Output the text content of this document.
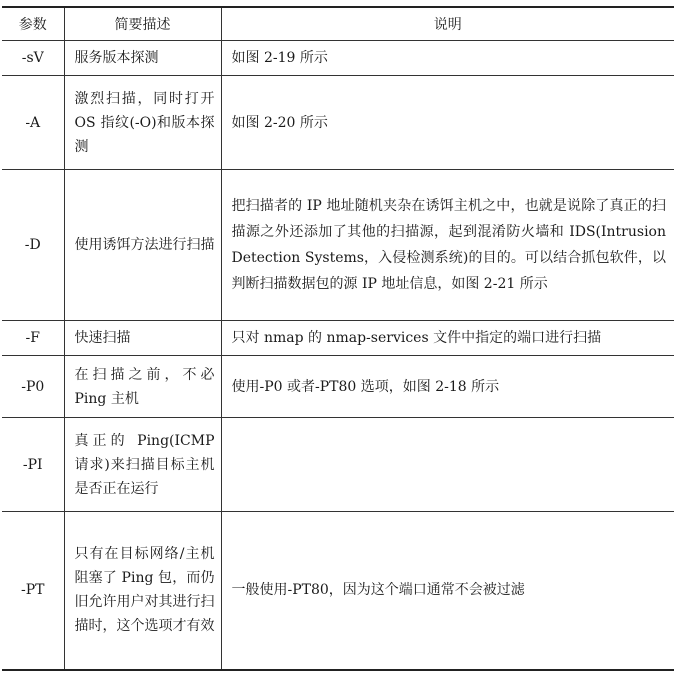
参数	简要描述	说明
-sV	服务版本探测	如图 2-19 所示
-A	激烈扫描，同时打开 OS 指纹(-O)和版本探测	如图 2-20 所示
-D	使用诱饵方法进行扫描	把扫描者的 IP 地址随机夹杂在诱饵主机之中，也就是说除了真正的扫描源之外还添加了其他的扫描源，起到混淆防火墙和 IDS(Intrusion Detection Systems，入侵检测系统)的目的。可以结合抓包软件，以判断扫描数据包的源 IP 地址信息，如图 2-21 所示
-F	快速扫描	只对 nmap 的 nmap-services 文件中指定的端口进行扫描
-P0	在扫描之前，不必 Ping 主机	使用-P0 或者-PT80 选项，如图 2-18 所示
-PI	真正的 Ping(ICMP 请求)来扫描目标主机是否正在运行	
-PT	只有在目标网络/主机阻塞了 Ping 包，而仍旧允许用户对其进行扫描时，这个选项才有效	一般使用-PT80，因为这个端口通常不会被过滤
